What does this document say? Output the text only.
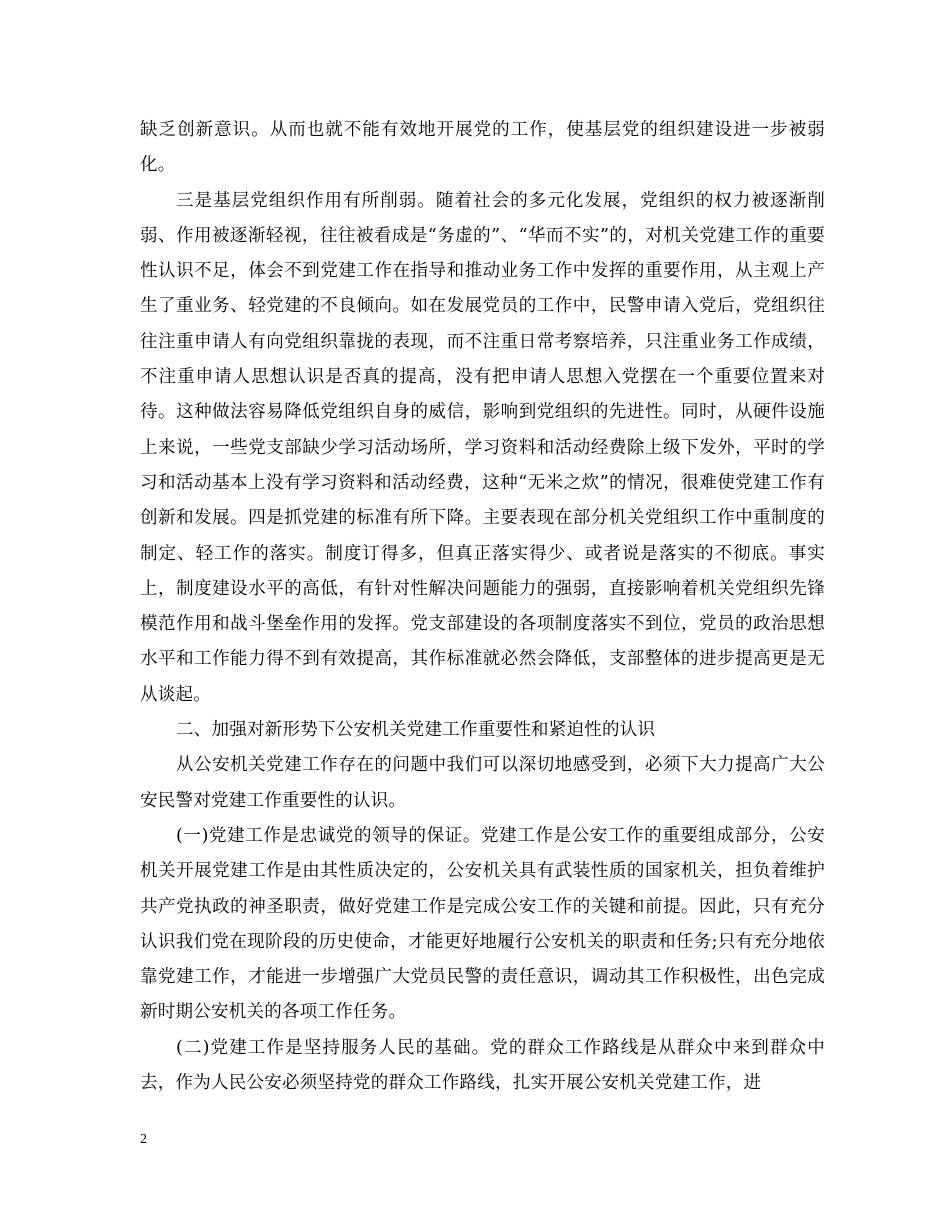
缺乏创新意识。从而也就不能有效地开展党的工作，使基层党的组织建设进一步被弱化。

三是基层党组织作用有所削弱。随着社会的多元化发展，党组织的权力被逐渐削弱、作用被逐渐轻视，往往被看成是“务虚的”、“华而不实”的，对机关党建工作的重要性认识不足，体会不到党建工作在指导和推动业务工作中发挥的重要作用，从主观上产生了重业务、轻党建的不良倾向。如在发展党员的工作中，民警申请入党后，党组织往往注重申请人有向党组织靠拢的表现，而不注重日常考察培养，只注重业务工作成绩，不注重申请人思想认识是否真的提高，没有把申请人思想入党摆在一个重要位置来对待。这种做法容易降低党组织自身的威信，影响到党组织的先进性。同时，从硬件设施上来说，一些党支部缺少学习活动场所，学习资料和活动经费除上级下发外，平时的学习和活动基本上没有学习资料和活动经费，这种“无米之炊”的情况，很难使党建工作有创新和发展。四是抓党建的标准有所下降。主要表现在部分机关党组织工作中重制度的制定、轻工作的落实。制度订得多，但真正落实得少、或者说是落实的不彻底。事实上，制度建设水平的高低，有针对性解决问题能力的强弱，直接影响着机关党组织先锋模范作用和战斗堡垒作用的发挥。党支部建设的各项制度落实不到位，党员的政治思想水平和工作能力得不到有效提高，其作标准就必然会降低，支部整体的进步提高更是无从谈起。

二、加强对新形势下公安机关党建工作重要性和紧迫性的认识

从公安机关党建工作存在的问题中我们可以深切地感受到，必须下大力提高广大公安民警对党建工作重要性的认识。

(一)党建工作是忠诚党的领导的保证。党建工作是公安工作的重要组成部分，公安机关开展党建工作是由其性质决定的，公安机关具有武装性质的国家机关，担负着维护共产党执政的神圣职责，做好党建工作是完成公安工作的关键和前提。因此，只有充分认识我们党在现阶段的历史使命，才能更好地履行公安机关的职责和任务;只有充分地依靠党建工作，才能进一步增强广大党员民警的责任意识，调动其工作积极性，出色完成新时期公安机关的各项工作任务。

(二)党建工作是坚持服务人民的基础。党的群众工作路线是从群众中来到群众中去，作为人民公安必须坚持党的群众工作路线，扎实开展公安机关党建工作，进

2
